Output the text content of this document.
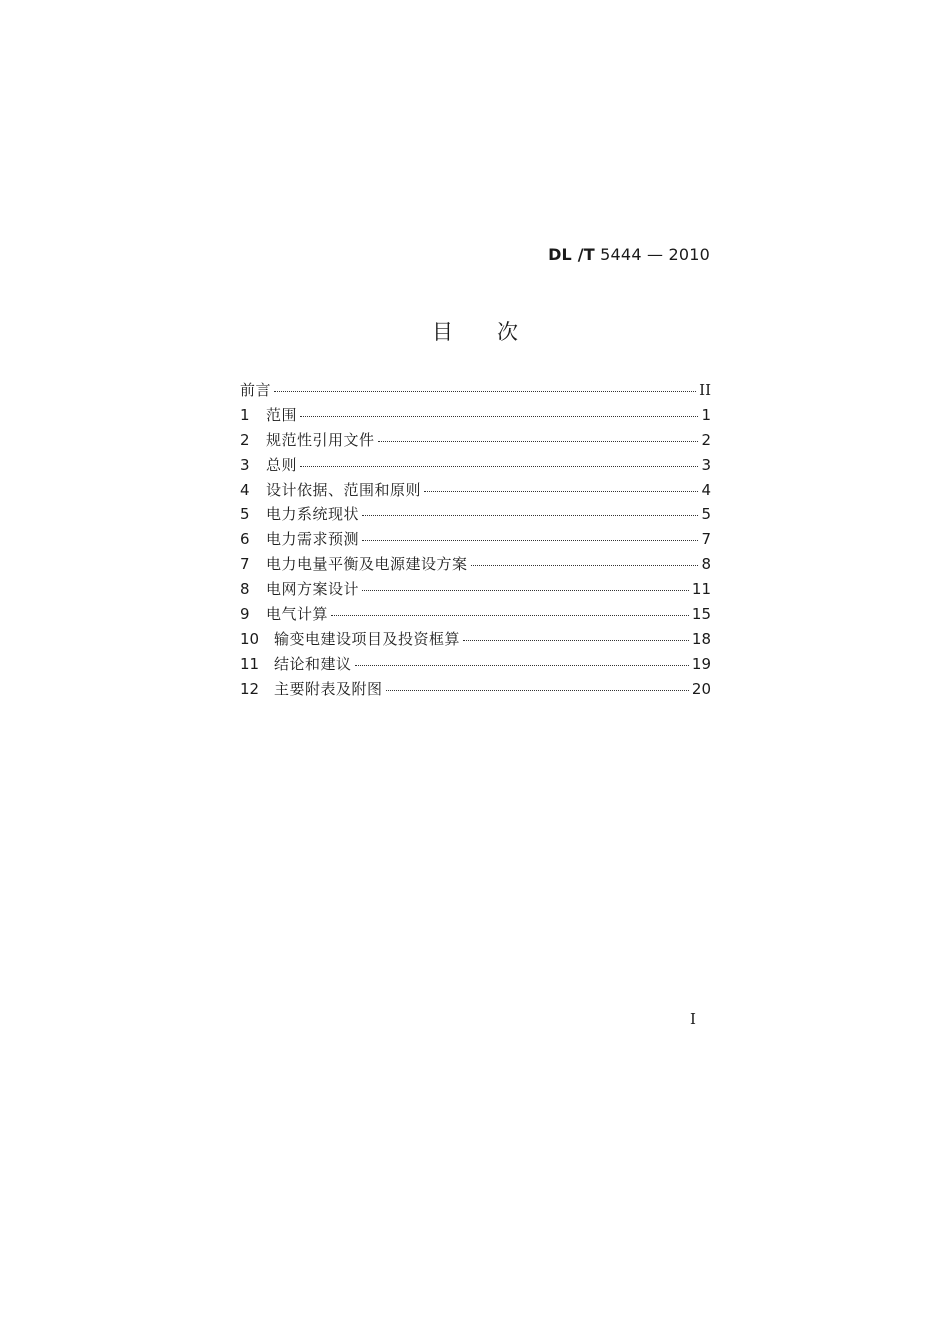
DL /T 5444 — 2010
目次
前言	II
1	范围	1
2	规范性引用文件	2
3	总则	3
4	设计依据、范围和原则	4
5	电力系统现状	5
6	电力需求预测	7
7	电力电量平衡及电源建设方案	8
8	电网方案设计	11
9	电气计算	15
10 输变电建设项目及投资框算	18
11 结论和建议	19
12 主要附表及附图	20
I
